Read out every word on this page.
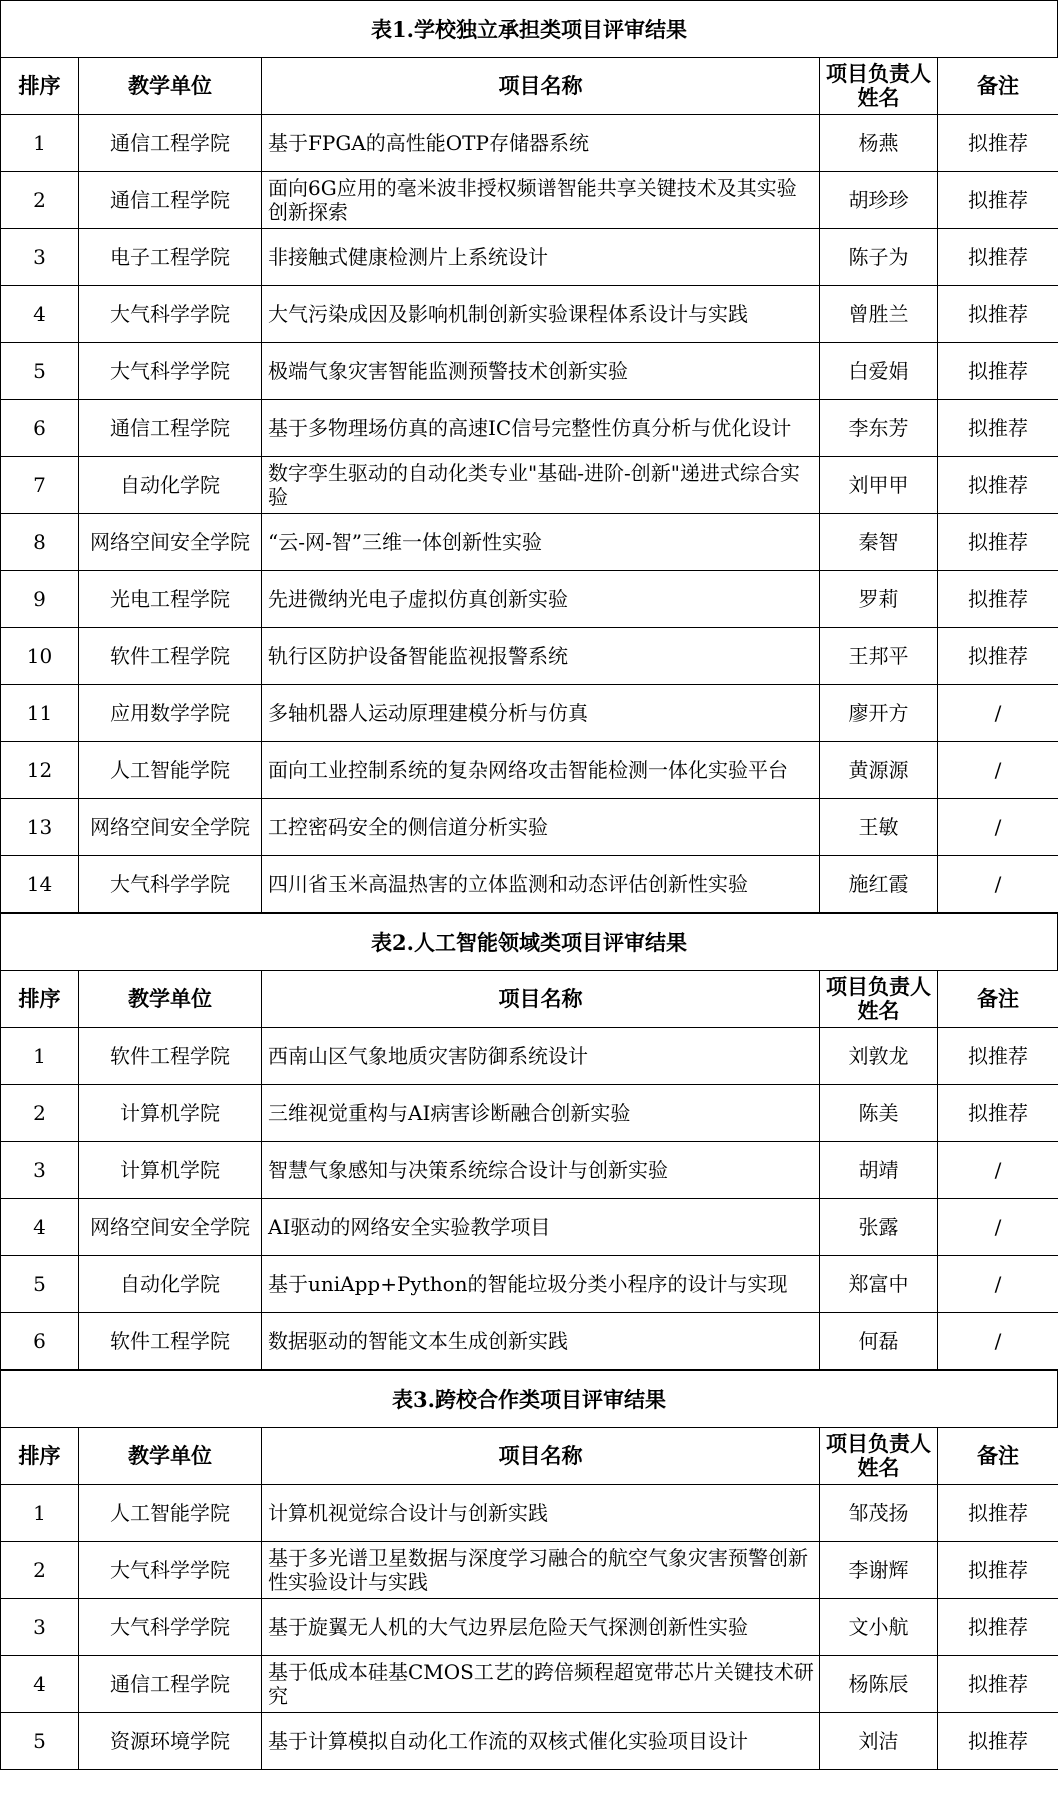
表1.学校独立承担类项目评审结果
排序	教学单位	项目名称	项目负责人姓名	备注
1	通信工程学院	基于FPGA的高性能OTP存储器系统	杨燕	拟推荐
2	通信工程学院	面向6G应用的毫米波非授权频谱智能共享关键技术及其实验创新探索	胡珍珍	拟推荐
3	电子工程学院	非接触式健康检测片上系统设计	陈子为	拟推荐
4	大气科学学院	大气污染成因及影响机制创新实验课程体系设计与实践	曾胜兰	拟推荐
5	大气科学学院	极端气象灾害智能监测预警技术创新实验	白爱娟	拟推荐
6	通信工程学院	基于多物理场仿真的高速IC信号完整性仿真分析与优化设计	李东芳	拟推荐
7	自动化学院	数字孪生驱动的自动化类专业"基础-进阶-创新"递进式综合实验	刘甲甲	拟推荐
8	网络空间安全学院	“云-网-智”三维一体创新性实验	秦智	拟推荐
9	光电工程学院	先进微纳光电子虚拟仿真创新实验	罗莉	拟推荐
10	软件工程学院	轨行区防护设备智能监视报警系统	王邦平	拟推荐
11	应用数学学院	多轴机器人运动原理建模分析与仿真	廖开方	/
12	人工智能学院	面向工业控制系统的复杂网络攻击智能检测一体化实验平台	黄源源	/
13	网络空间安全学院	工控密码安全的侧信道分析实验	王敏	/
14	大气科学学院	四川省玉米高温热害的立体监测和动态评估创新性实验	施红霞	/
表2.人工智能领域类项目评审结果
排序	教学单位	项目名称	项目负责人姓名	备注
1	软件工程学院	西南山区气象地质灾害防御系统设计	刘敦龙	拟推荐
2	计算机学院	三维视觉重构与AI病害诊断融合创新实验	陈美	拟推荐
3	计算机学院	智慧气象感知与决策系统综合设计与创新实验	胡靖	/
4	网络空间安全学院	AI驱动的网络安全实验教学项目	张露	/
5	自动化学院	基于uniApp+Python的智能垃圾分类小程序的设计与实现	郑富中	/
6	软件工程学院	数据驱动的智能文本生成创新实践	何磊	/
表3.跨校合作类项目评审结果
排序	教学单位	项目名称	项目负责人姓名	备注
1	人工智能学院	计算机视觉综合设计与创新实践	邹茂扬	拟推荐
2	大气科学学院	基于多光谱卫星数据与深度学习融合的航空气象灾害预警创新性实验设计与实践	李谢辉	拟推荐
3	大气科学学院	基于旋翼无人机的大气边界层危险天气探测创新性实验	文小航	拟推荐
4	通信工程学院	基于低成本硅基CMOS工艺的跨倍频程超宽带芯片关键技术研究	杨陈辰	拟推荐
5	资源环境学院	基于计算模拟自动化工作流的双核式催化实验项目设计	刘洁	拟推荐
